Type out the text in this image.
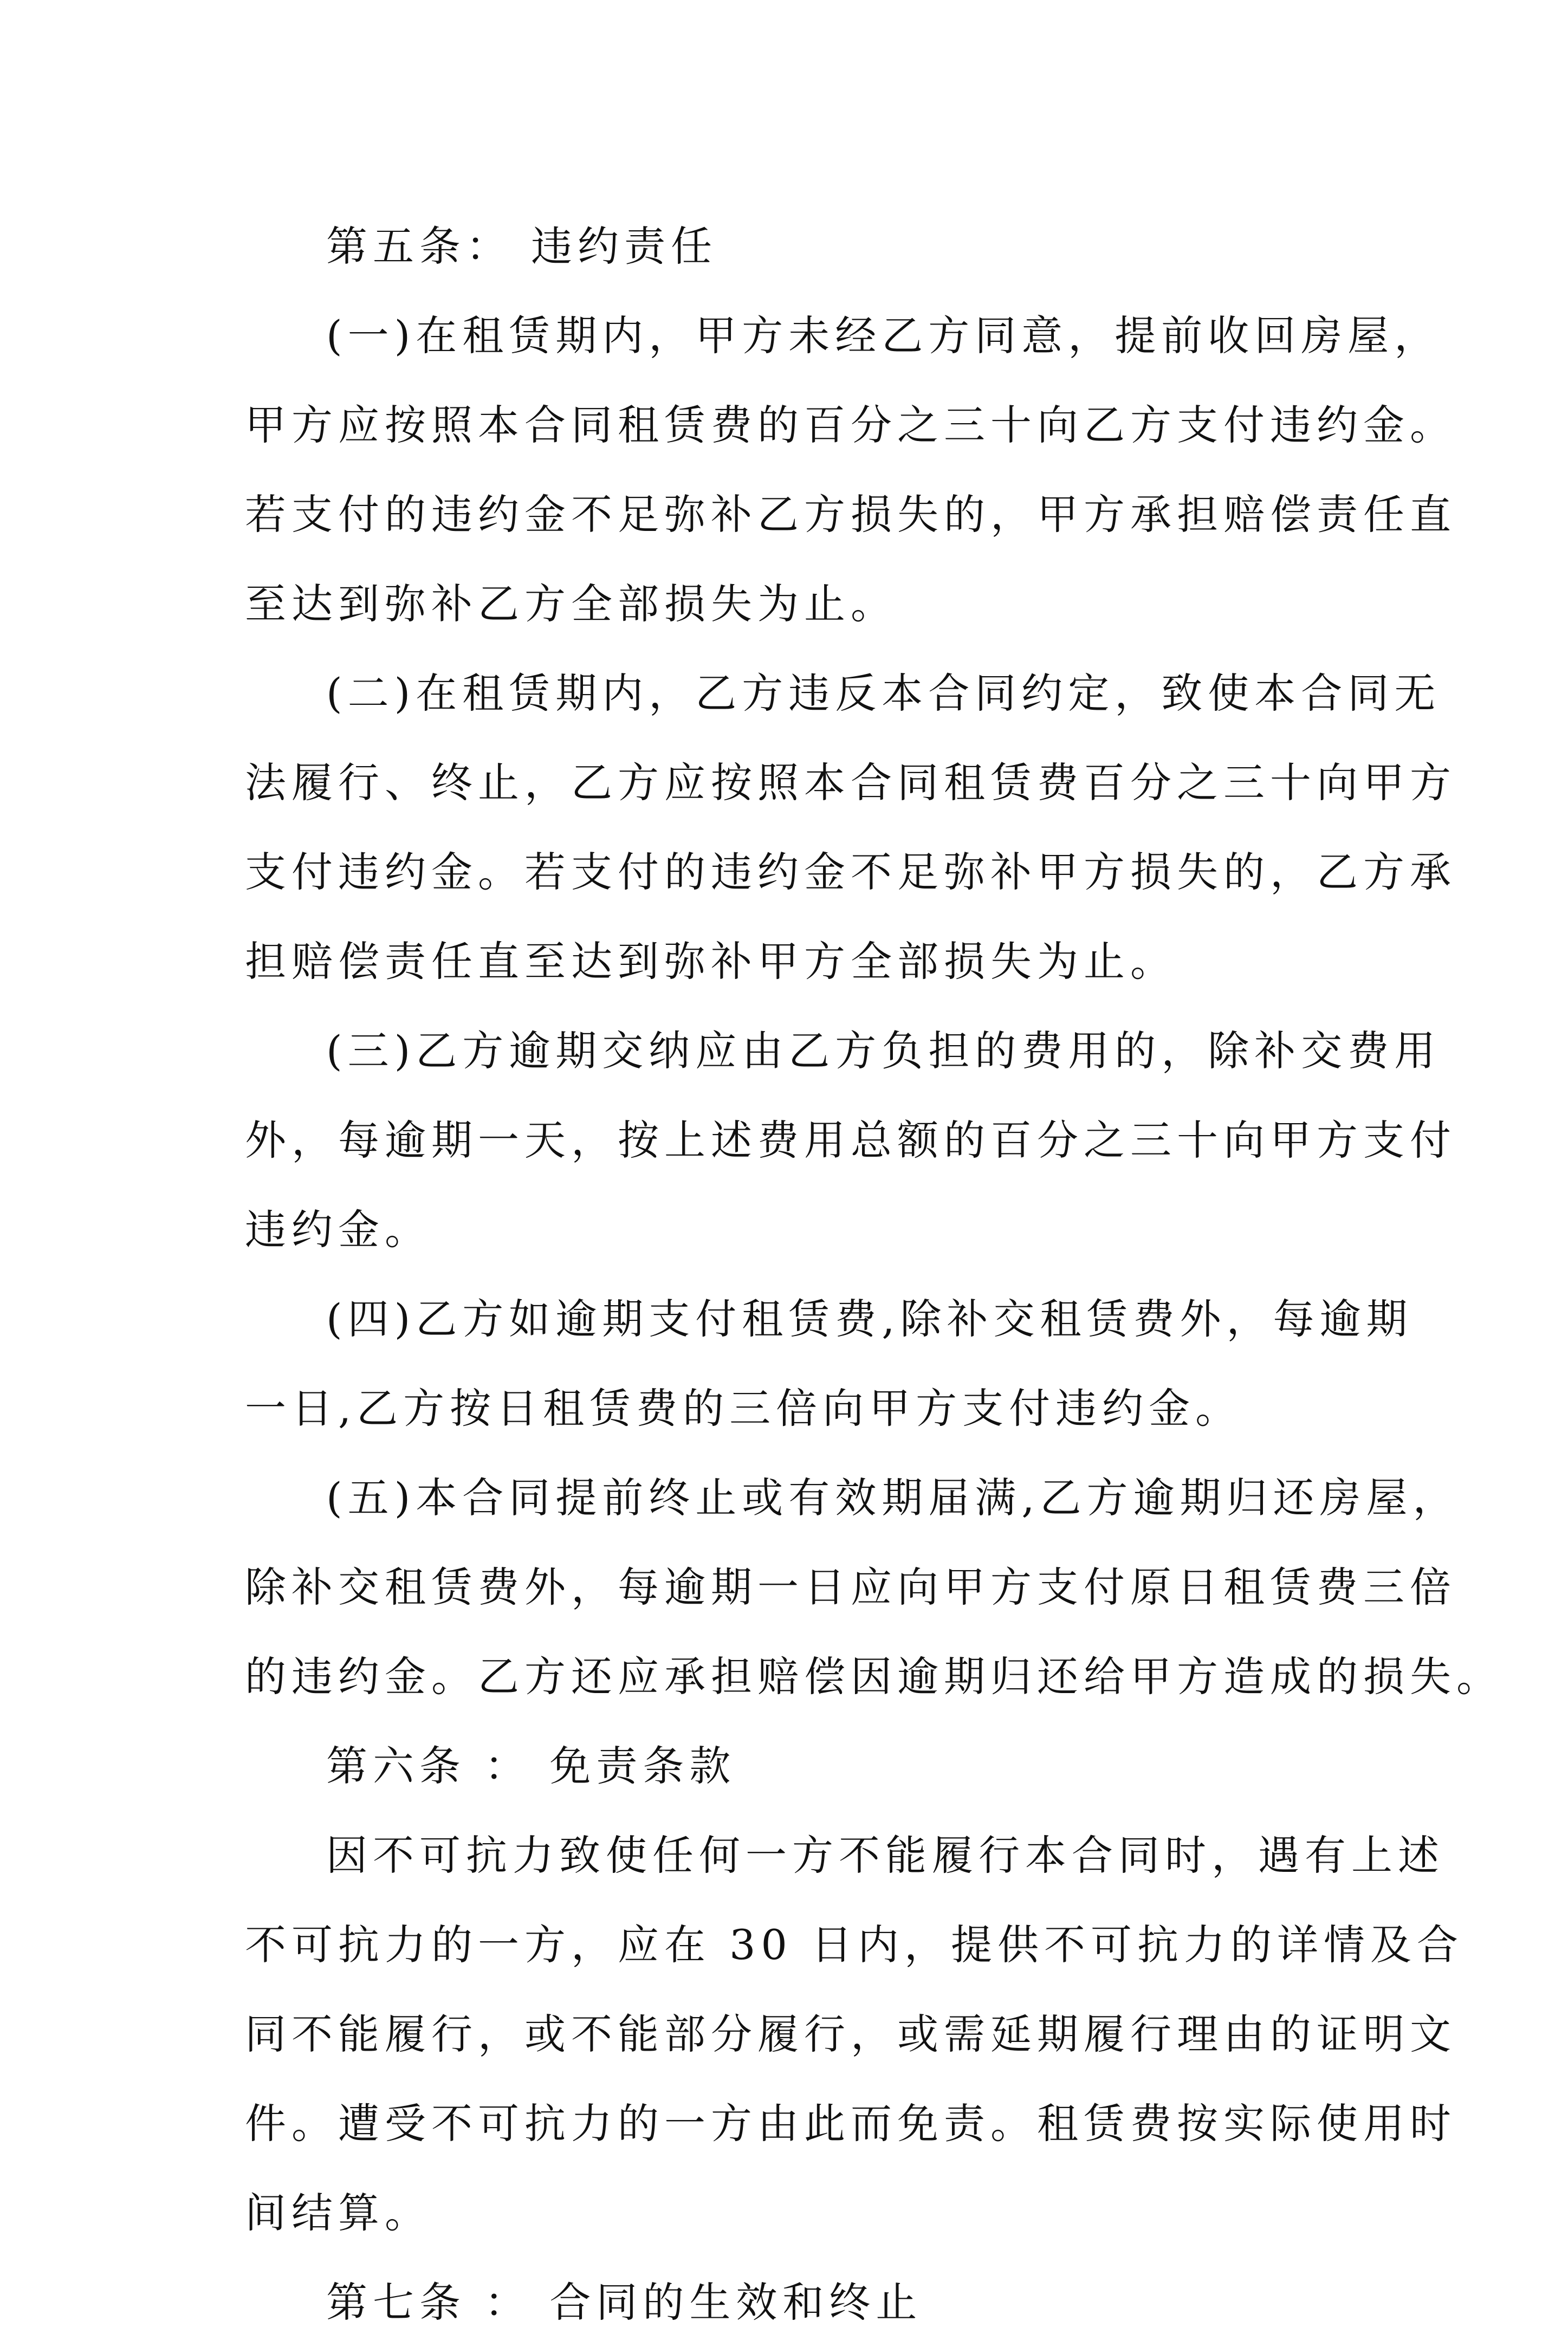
第五条： 违约责任
(一)在租赁期内，甲方未经乙方同意，提前收回房屋，
甲方应按照本合同租赁费的百分之三十向乙方支付违约金。
若支付的违约金不足弥补乙方损失的，甲方承担赔偿责任直
至达到弥补乙方全部损失为止。
(二)在租赁期内，乙方违反本合同约定，致使本合同无
法履行、终止，乙方应按照本合同租赁费百分之三十向甲方
支付违约金。若支付的违约金不足弥补甲方损失的，乙方承
担赔偿责任直至达到弥补甲方全部损失为止。
(三)乙方逾期交纳应由乙方负担的费用的，除补交费用
外，每逾期一天，按上述费用总额的百分之三十向甲方支付
违约金。
(四)乙方如逾期支付租赁费,除补交租赁费外，每逾期
一日,乙方按日租赁费的三倍向甲方支付违约金。
(五)本合同提前终止或有效期届满,乙方逾期归还房屋，
除补交租赁费外，每逾期一日应向甲方支付原日租赁费三倍
的违约金。乙方还应承担赔偿因逾期归还给甲方造成的损失。
第六条 ： 免责条款
因不可抗力致使任何一方不能履行本合同时，遇有上述
不可抗力的一方，应在 30 日内，提供不可抗力的详情及合
同不能履行，或不能部分履行，或需延期履行理由的证明文
件。遭受不可抗力的一方由此而免责。租赁费按实际使用时
间结算。
第七条 ： 合同的生效和终止
